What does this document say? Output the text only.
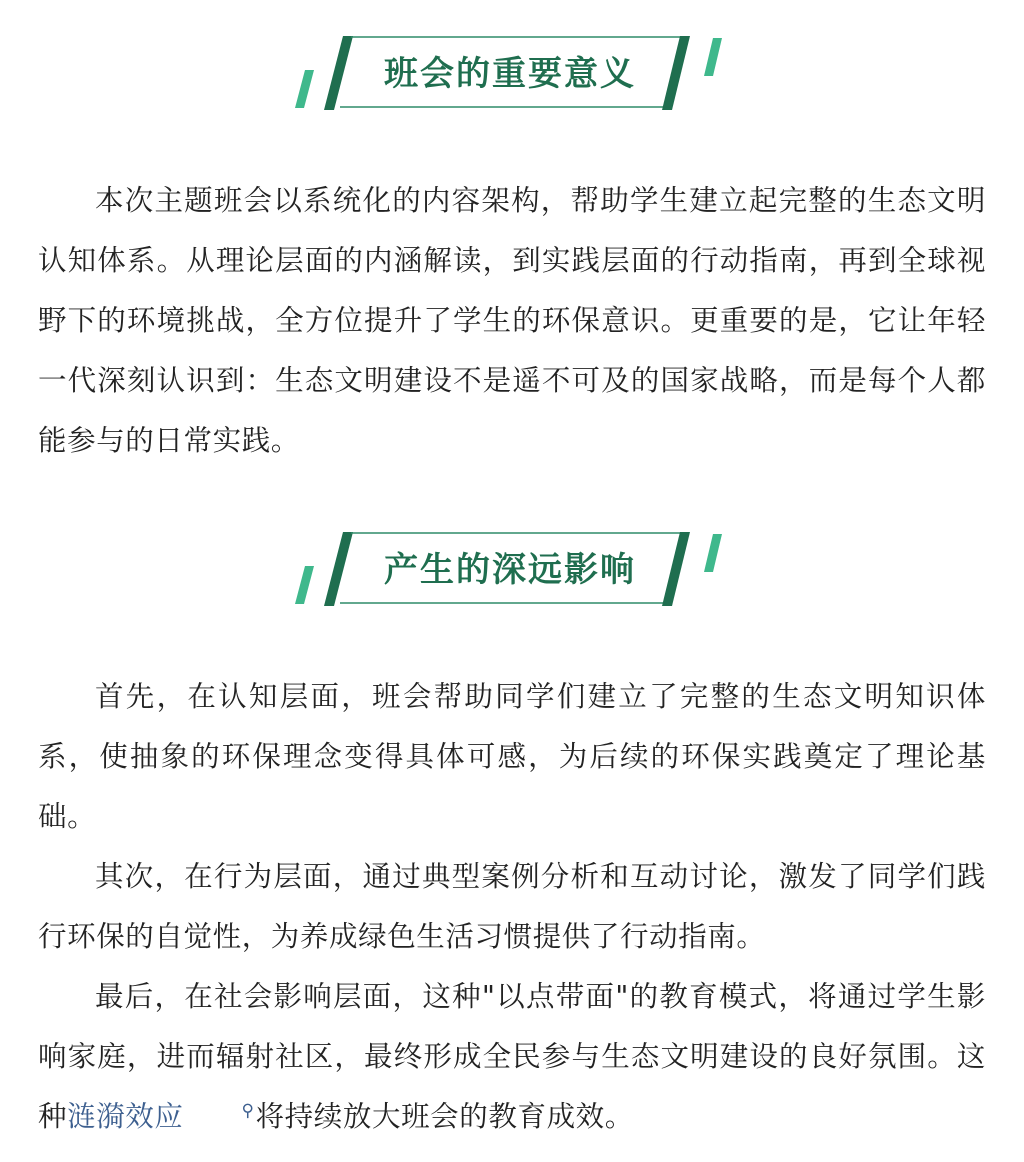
班会的重要意义

本次主题班会以系统化的内容架构，帮助学生建立起完整的生态文明认知体系。从理论层面的内涵解读，到实践层面的行动指南，再到全球视野下的环境挑战，全方位提升了学生的环保意识。更重要的是，它让年轻一代深刻认识到：生态文明建设不是遥不可及的国家战略，而是每个人都能参与的日常实践。

产生的深远影响

首先，在认知层面，班会帮助同学们建立了完整的生态文明知识体系，使抽象的环保理念变得具体可感，为后续的环保实践奠定了理论基础。

其次，在行为层面，通过典型案例分析和互动讨论，激发了同学们践行环保的自觉性，为养成绿色生活习惯提供了行动指南。

最后，在社会影响层面，这种"以点带面"的教育模式，将通过学生影响家庭，进而辐射社区，最终形成全民参与生态文明建设的良好氛围。这种涟漪效应	⚲将持续放大班会的教育成效。
